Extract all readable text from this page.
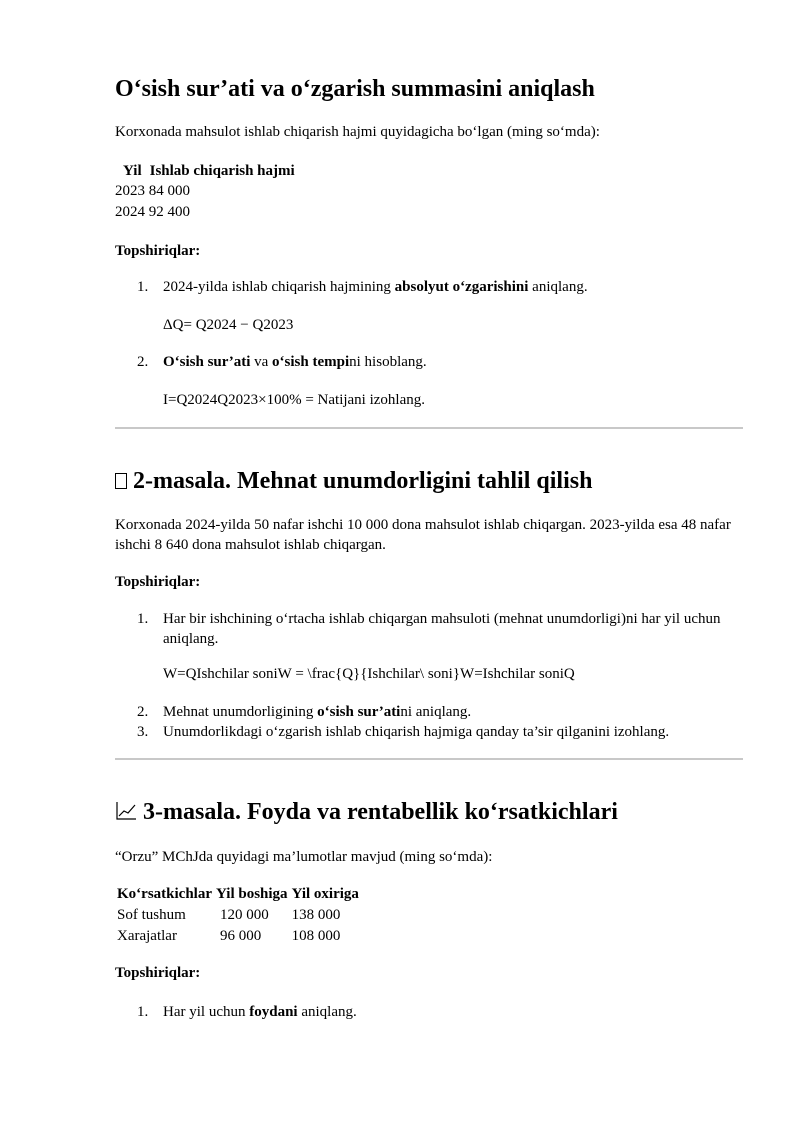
O‘sish sur’ati va o‘zgarish summasini aniqlash

Korxonada mahsulot ishlab chiqarish hajmi quyidagicha bo‘lgan (ming so‘mda):

Yil	Ishlab chiqarish hajmi
2023 84 000
2024 92 400

Topshiriqlar:

1. 2024-yilda ishlab chiqarish hajmining absolyut o‘zgarishini aniqlang.

ΔQ= Q2024 − Q2023

2. O‘sish sur’ati va o‘sish tempini hisoblang.

I=Q2024Q2023×100% = Natijani izohlang.

2-masala. Mehnat unumdorligini tahlil qilish

Korxonada 2024-yilda 50 nafar ishchi 10 000 dona mahsulot ishlab chiqargan. 2023-yilda esa 48 nafar ishchi 8 640 dona mahsulot ishlab chiqargan.

Topshiriqlar:

1. Har bir ishchining o‘rtacha ishlab chiqargan mahsuloti (mehnat unumdorligi)ni har yil uchun aniqlang.

W=QIshchilar soniW = \frac{Q}{Ishchilar\ soni}W=Ishchilar soniQ

2. Mehnat unumdorligining o‘sish sur’atini aniqlang.
3. Unumdorlikdagi o‘zgarish ishlab chiqarish hajmiga qanday ta’sir qilganini izohlang.
3-masala. Foyda va rentabellik ko‘rsatkichlari

“Orzu” MChJda quyidagi ma’lumotlar mavjud (ming so‘mda):

Ko‘rsatkichlar	Yil boshiga	Yil oxiriga
Sof tushum	120 000	138 000
Xarajatlar	96 000	108 000

Topshiriqlar:

1. Har yil uchun foydani aniqlang.
